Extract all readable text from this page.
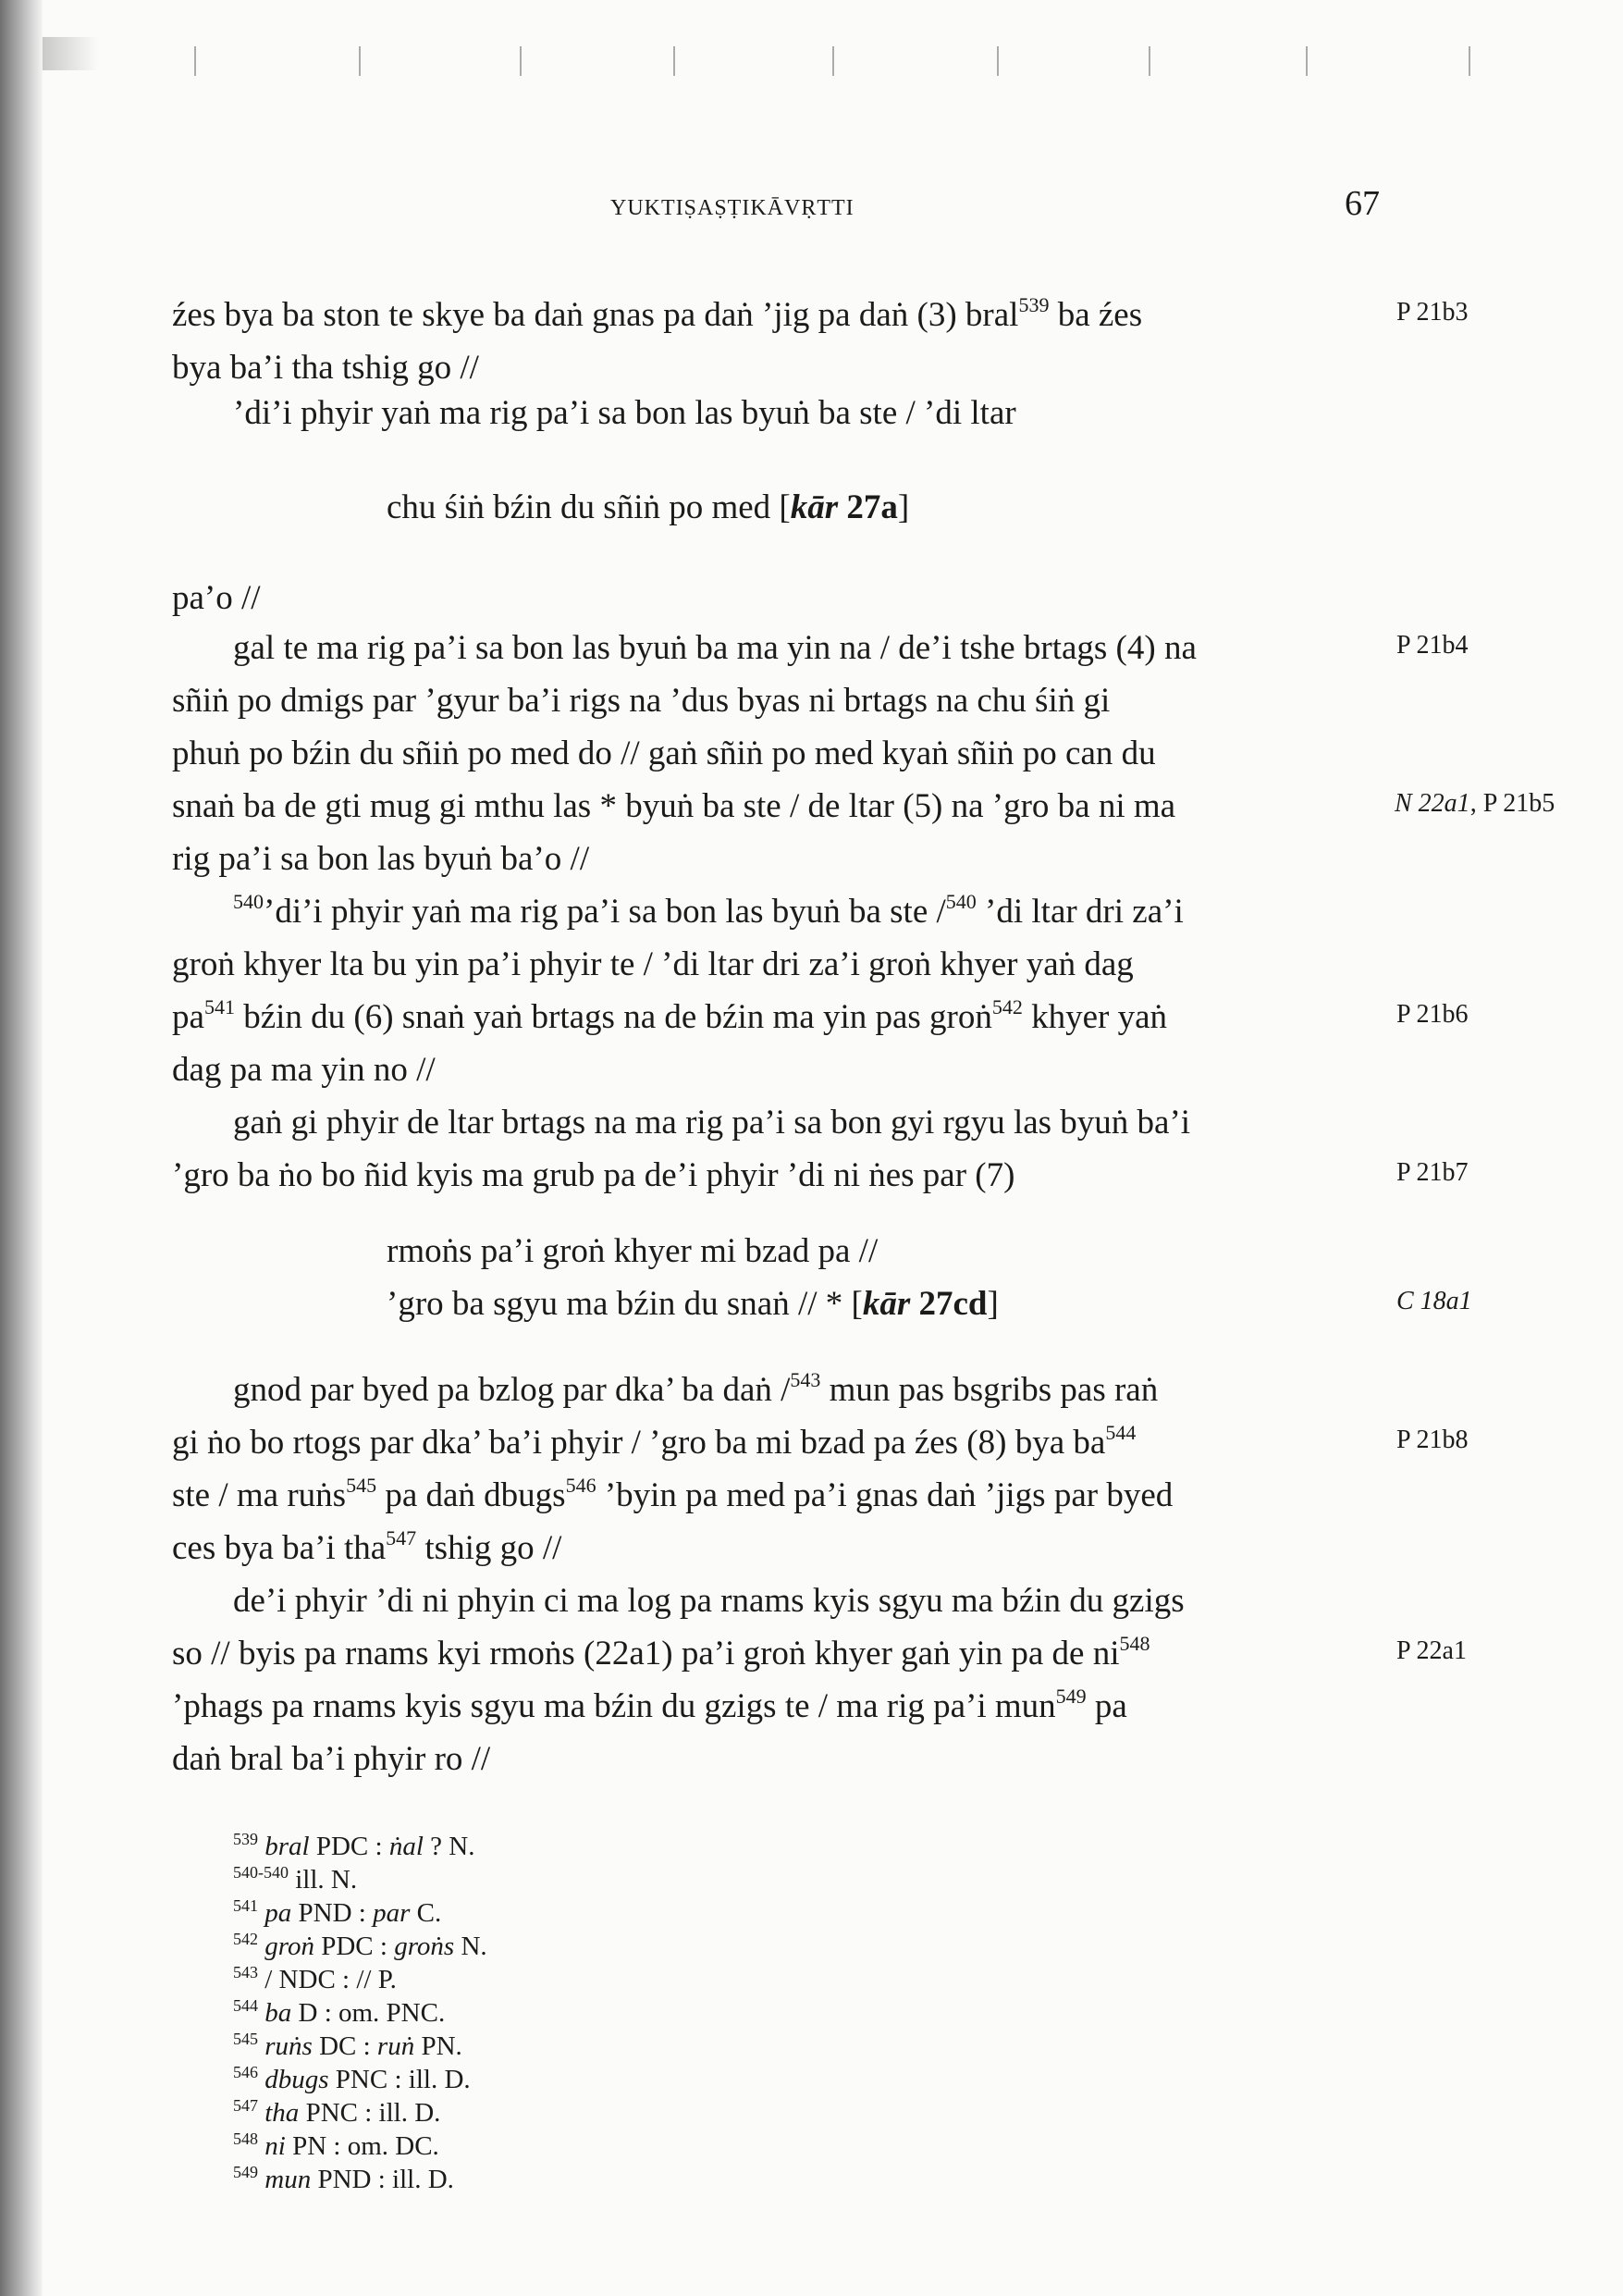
YUKTIṢAṢṬIKĀVṚTTI	67
źes bya ba ston te skye ba daṅ gnas pa daṅ ’jig pa daṅ (3) bral$^{539}$ ba źes
bya ba’i tha tshig go //
’di’i phyir yaṅ ma rig pa’i sa bon las byuṅ ba ste / ’di ltar
chu śiṅ bźin du sñiṅ po med [kār 27a]
pa’o //
gal te ma rig pa’i sa bon las byuṅ ba ma yin na / de’i tshe brtags (4) na
sñiṅ po dmigs par ’gyur ba’i rigs na ’dus byas ni brtags na chu śiṅ gi
phuṅ po bźin du sñiṅ po med do // gaṅ sñiṅ po med kyaṅ sñiṅ po can du
snaṅ ba de gti mug gi mthu las * byuṅ ba ste / de ltar (5) na ’gro ba ni ma
rig pa’i sa bon las byuṅ ba’o //
$^{540}$’di’i phyir yaṅ ma rig pa’i sa bon las byuṅ ba ste /$^{540}$ ’di ltar dri za’i
groṅ khyer lta bu yin pa’i phyir te / ’di ltar dri za’i groṅ khyer yaṅ dag
$pa^{541}$ bźin du (6) snaṅ yaṅ brtags na de bźin ma yin pas groṅ$^{542}$ khyer yaṅ
dag pa ma yin no //
gaṅ gi phyir de ltar brtags na ma rig pa’i sa bon gyi rgyu las byuṅ ba’i
’gro ba ṅo bo ñid kyis ma grub pa de’i phyir ’di ni ṅes par (7)
rmoṅs pa’i groṅ khyer mi bzad pa //
’gro ba sgyu ma bźin du snaṅ // * [kār 27cd]
gnod par byed pa bzlog par dka’ ba daṅ /$^{543}$ mun pas bsgribs pas raṅ
gi ṅo bo rtogs par dka’ ba’i phyir / ’gro ba mi bzad pa źes (8) bya $ba^{544}$
ste / ma ruṅs$^{545}$ pa daṅ dbugs$^{546}$ ’byin pa med pa’i gnas daṅ ’jigs par byed
ces bya ba’i tha$^{547}$ tshig go //
de’i phyir ’di ni phyin ci ma log pa rnams kyis sgyu ma bźin du gzigs
so // byis pa rnams kyi rmoṅs (22a1) pa’i groṅ khyer gaṅ yin pa de $ni^{548}$
’phags pa rnams kyis sgyu ma bźin du gzigs te / ma rig pa’i mun$^{549}$ pa
daṅ bral ba’i phyir ro //
P 21b3
P 21b4
N 22a1, P 21b5
P 21b6
P 21b7
C 18a1
P 21b8
P 22a1
$^{539}$ bral PDC : ṅal ? N.
$^{540-540}$ ill. N.
$^{541}$ pa PND : par C.
$^{542}$ groṅ PDC : groṅs N.
$^{543}$ / NDC : // P.
$^{544}$ ba D : om. PNC.
$^{545}$ ruṅs DC : ruṅ PN.
$^{546}$ dbugs PNC : ill. D.
$^{547}$ tha PNC : ill. D.
$^{548}$ ni PN : om. DC.
$^{549}$ mun PND : ill. D.
